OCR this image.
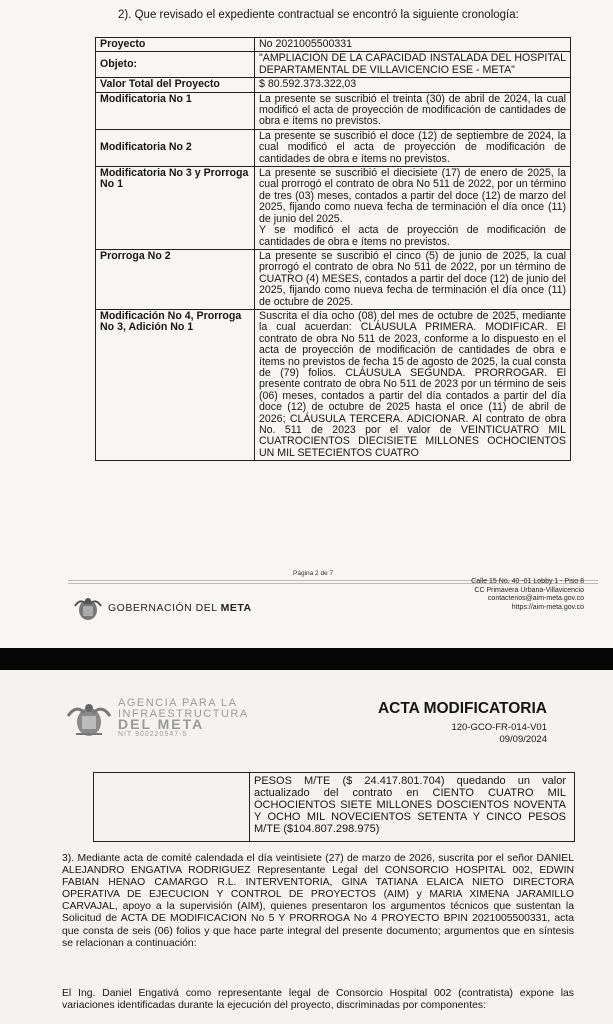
2). Que revisado el expediente contractual se encontró la siguiente cronología:
Proyecto	No 2021005500331
Objeto:	"AMPLIACIÓN DE LA CAPACIDAD INSTALADA DEL HOSPITAL DEPARTAMENTAL DE VILLAVICENCIO ESE - META"
Valor Total del Proyecto	$ 80.592.373.322,03
Modificatoria No 1	La presente se suscribió el treinta (30) de abril de 2024, la cual modificó el acta de proyección de modificación de cantidades de obra e ítems no previstos.
Modificatoria No 2	La presente se suscribió el doce (12) de septiembre de 2024, la cual modificó el acta de proyección de modificación de cantidades de obra e ítems no previstos.
Modificatoria No 3 y Prorroga No 1	La presente se suscribió el diecisiete (17) de enero de 2025, la cual prorrogó el contrato de obra No 511 de 2022, por un término de tres (03) meses, contados a partir del doce (12) de marzo del 2025, fijando como nueva fecha de terminación el día once (11) de junio del 2025.
Y se modificó el acta de proyección de modificación de cantidades de obra e ítems no previstos.
Prorroga No 2	La presente se suscribió el cinco (5) de junio de 2025, la cual prorrogó el contrato de obra No 511 de 2022, por un término de CUATRO (4) MESES, contados a partir del doce (12) de junio del 2025, fijando como nueva fecha de terminación el día once (11) de octubre de 2025.
Modificación No 4, Prorroga No 3, Adición No 1	Suscrita el día ocho (08) del mes de octubre de 2025, mediante la cual acuerdan: CLÁUSULA PRIMERA. MODIFICAR. El contrato de obra No 511 de 2023, conforme a lo dispuesto en el acta de proyección de modificación de cantidades de obra e ítems no previstos de fecha 15 de agosto de 2025, la cual consta de (79) folios. CLÁUSULA SEGUNDA. PRORROGAR. El presente contrato de obra No 511 de 2023 por un término de seis (06) meses, contados a partir del día contados a partir del día doce (12) de octubre de 2025 hasta el once (11) de abril de 2026; CLÁUSULA TERCERA. ADICIONAR. Al contrato de obra No. 511 de 2023 por el valor de VEINTICUATRO MIL CUATROCIENTOS DIECISIETE MILLONES OCHOCIENTOS UN MIL SETECIENTOS CUATRO
Página 2 de 7
GOBERNACIÓN DEL META
Calle 15 No. 40 -01 Lobby 1 - Piso 8
CC Primavera Urbana-Villavicencio
contactenos@aim-meta.gov.co
https://aim-meta.gov.co
AGENCIA PARA LA
INFRAESTRUCTURA
DEL META
NIT 900220547-5
ACTA MODIFICATORIA
120-GCO-FR-014-V01
09/09/2024
PESOS M/TE ($ 24.417.801.704) quedando un valor actualizado del contrato en CIENTO CUATRO MIL OCHOCIENTOS SIETE MILLONES DOSCIENTOS NOVENTA Y OCHO MIL NOVECIENTOS SETENTA Y CINCO PESOS M/TE ($104.807.298.975)
3). Mediante acta de comité calendada el día veintisiete (27) de marzo de 2026, suscrita por el señor DANIEL ALEJANDRO ENGATIVA RODRIGUEZ Representante Legal del CONSORCIO HOSPITAL 002, EDWIN FABIAN HENAO CAMARGO R.L. INTERVENTORIA, GINA TATIANA ELAICA NIETO DIRECTORA OPERATIVA DE EJECUCION Y CONTROL DE PROYECTOS (AIM) y MARIA XIMENA JARAMILLO CARVAJAL, apoyo a la supervisión (AIM), quienes presentaron los argumentos técnicos que sustentan la Solicitud de ACTA DE MODIFICACION No 5 Y PRORROGA No 4 PROYECTO BPIN 2021005500331, acta que consta de seis (06) folios y que hace parte integral del presente documento; argumentos que en síntesis se relacionan a continuación:
El Ing. Daniel Engativá como representante legal de Consorcio Hospital 002 (contratista) expone las variaciones identificadas durante la ejecución del proyecto, discriminadas por componentes:
